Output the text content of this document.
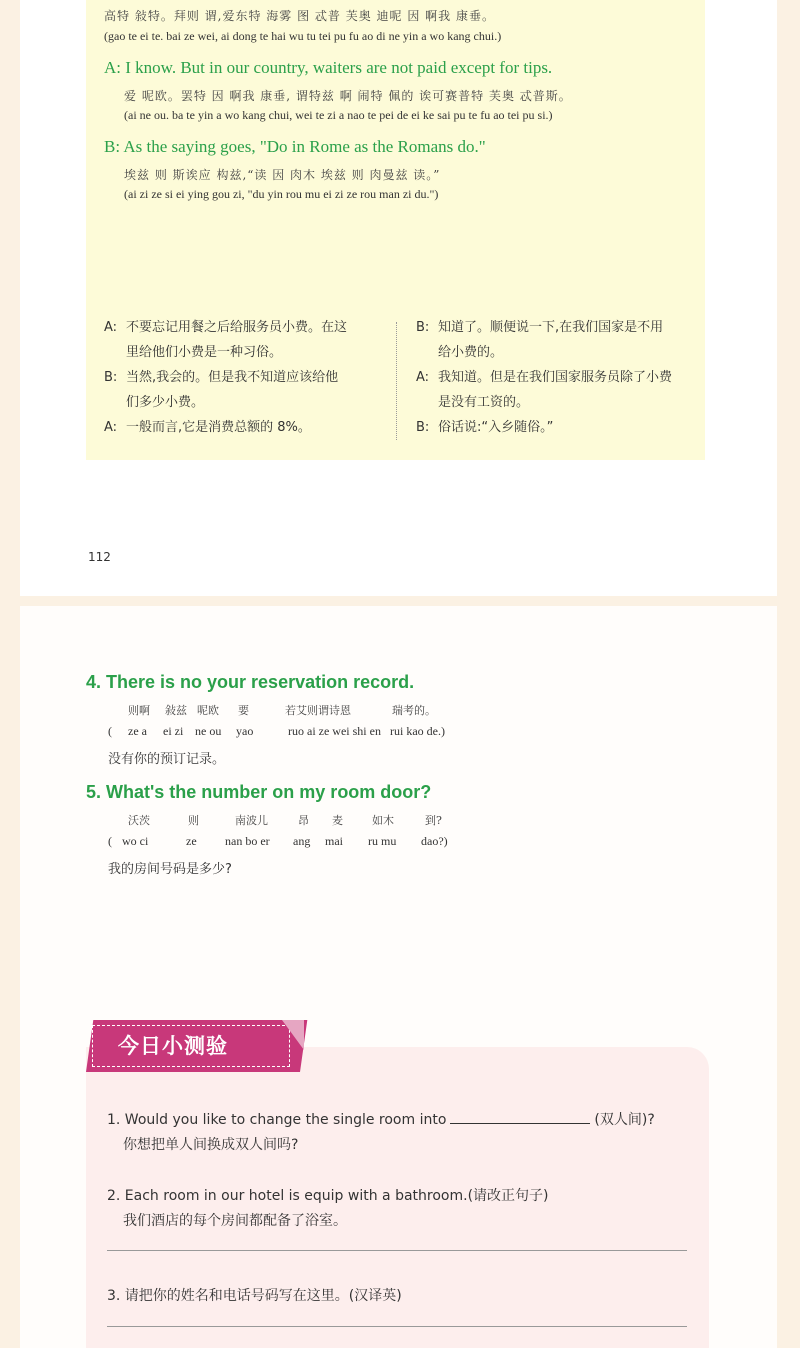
高特 敍特。拜则 谓,爱东特 海雾 图 忒普 芙奥 迪呢 因 啊我 康垂。
(gao te ei te. bai ze wei, ai dong te hai wu tu tei pu fu ao di ne yin a wo kang chui.)
A: I know. But in our country, waiters are not paid except for tips.
爱 呢欧。罢特 因 啊我 康垂, 谓特兹 啊 闹特 佩的 诶可赛普特 芙奥 忒普斯。
(ai ne ou. ba te yin a wo kang chui, wei te zi a nao te pei de ei ke sai pu te fu ao tei pu si.)
B: As the saying goes, "Do in Rome as the Romans do."
埃兹 则 斯诶应 构兹,“读 因 肉木 埃兹 则 肉曼兹 读。”
(ai zi ze si ei ying gou zi, "du yin rou mu ei zi ze rou man zi du.")
A: 不要忘记用餐之后给服务员小费。在这
里给他们小费是一种习俗。
B: 当然,我会的。但是我不知道应该给他
们多少小费。
A: 一般而言,它是消费总额的 8%。
B: 知道了。顺便说一下,在我们国家是不用
给小费的。
A: 我知道。但是在我们国家服务员除了小费
是没有工资的。
B: 俗话说:“入乡随俗。”
112
4. There is no your reservation record.
则啊 敍兹 呢欧 要	若艾则谓诗恩	瑞考的。
( ze a ei zi ne ou yao	ruo ai ze wei shi en rui kao de.)
没有你的预订记录。
5. What's the number on my room door?
沃茨	则	南波儿	昂 麦	如木	到?
( wo ci	ze nan bo er ang mai ru mu dao?)
我的房间号码是多少?
今日小测验
1. Would you like to change the single room into	(双人间)?
你想把单人间换成双人间吗?
2. Each room in our hotel is equip with a bathroom.(请改正句子)
我们酒店的每个房间都配备了浴室。
3. 请把你的姓名和电话号码写在这里。(汉译英)
